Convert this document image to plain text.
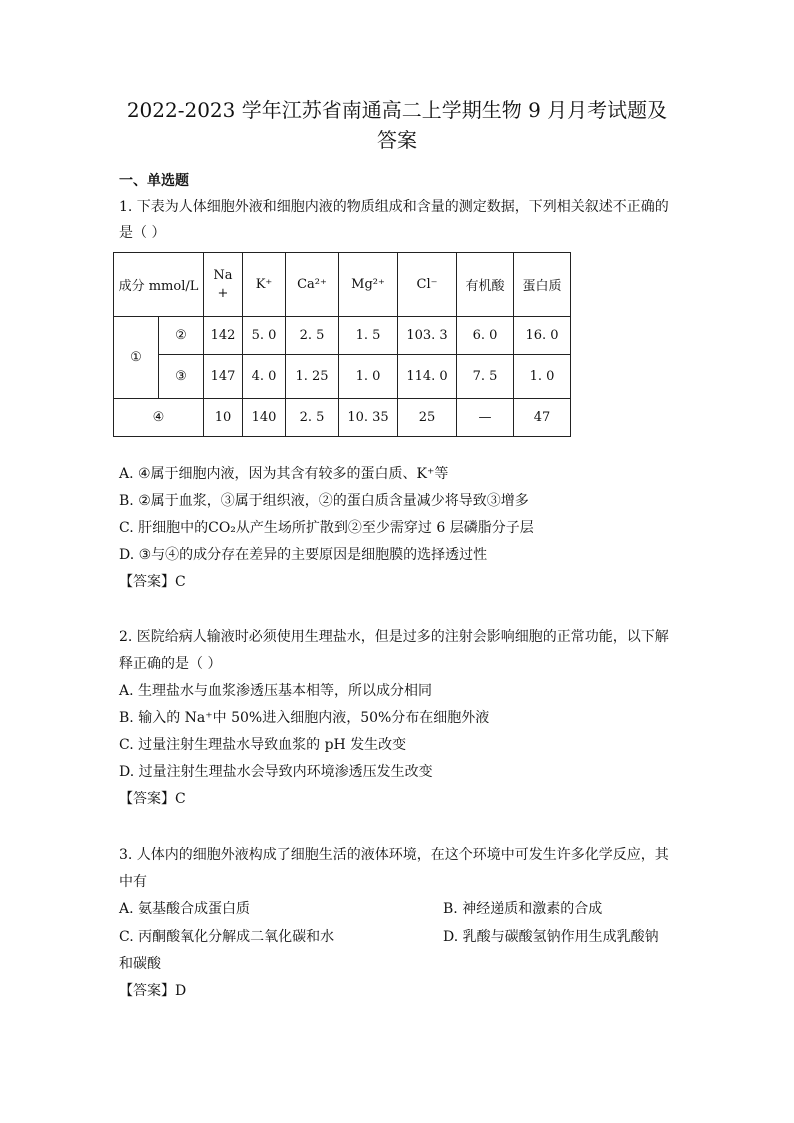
2022-2023 学年江苏省南通高二上学期生物 9 月月考试题及
答案
一、单选题
1. 下表为人体细胞外液和细胞内液的物质组成和含量的测定数据，下列相关叙述不正确的
是（ ）
成分 mmol/L		Na
+	K⁺	Ca²⁺	Mg²⁺	Cl⁻	有机酸	蛋白质
①	②	142	5. 0	2. 5	1. 5	103. 3	6. 0	16. 0
	③	147	4. 0	1. 25	1. 0	114. 0	7. 5	1. 0
④		10	140	2. 5	10. 35	25	—	47
A. ④属于细胞内液，因为其含有较多的蛋白质、K⁺等
B. ②属于血浆，③属于组织液，②的蛋白质含量减少将导致③增多
C. 肝细胞中的CO₂从产生场所扩散到②至少需穿过 6 层磷脂分子层
D. ③与④的成分存在差异的主要原因是细胞膜的选择透过性
【答案】C
2. 医院给病人输液时必须使用生理盐水，但是过多的注射会影响细胞的正常功能，以下解
释正确的是（ ）
A. 生理盐水与血浆渗透压基本相等，所以成分相同
B. 输入的 Na⁺中 50%进入细胞内液，50%分布在细胞外液
C. 过量注射生理盐水导致血浆的 pH 发生改变
D. 过量注射生理盐水会导致内环境渗透压发生改变
【答案】C
3. 人体内的细胞外液构成了细胞生活的液体环境，在这个环境中可发生许多化学反应，其
中有
A. 氨基酸合成蛋白质	B. 神经递质和激素的合成
C. 丙酮酸氧化分解成二氧化碳和水	D. 乳酸与碳酸氢钠作用生成乳酸钠
和碳酸
【答案】D
